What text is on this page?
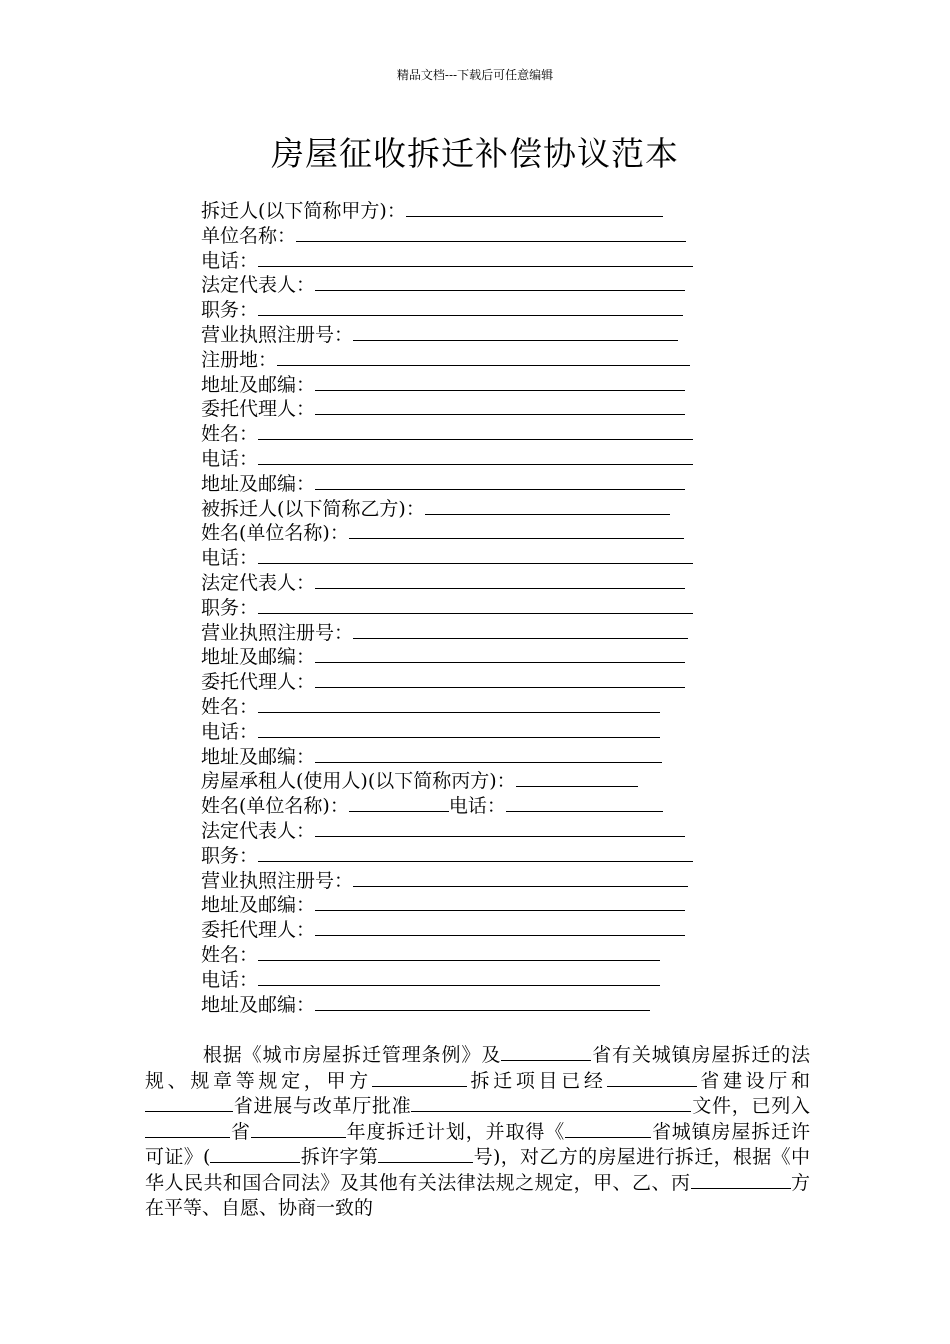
精品文档---下载后可任意编辑
房屋征收拆迁补偿协议范本
拆迁人(以下简称甲方)：
单位名称：
电话：
法定代表人：
职务：
营业执照注册号：
注册地：
地址及邮编：
委托代理人：
姓名：
电话：
地址及邮编：
被拆迁人(以下简称乙方)：
姓名(单位名称)：
电话：
法定代表人：
职务：
营业执照注册号：
地址及邮编：
委托代理人：
姓名：
电话：
地址及邮编：
房屋承租人(使用人)(以下简称丙方)：
姓名(单位名称)：	电话：
法定代表人：
职务：
营业执照注册号：
地址及邮编：
委托代理人：
姓名：
电话：
地址及邮编：
根据《城市房屋拆迁管理条例》及	省有关城镇房屋拆迁的法规、规章等规定，甲方	拆迁项目已经	省建设厅和省进展与改革厅批准	文件，已列入省	年度拆迁计划，并取得《	省城镇房屋拆迁许可证》(	拆许字第	号)，对乙方的房屋进行拆迁，根据《中华人民共和国合同法》及其他有关法律法规之规定，甲、乙、丙	方在平等、自愿、协商一致的
